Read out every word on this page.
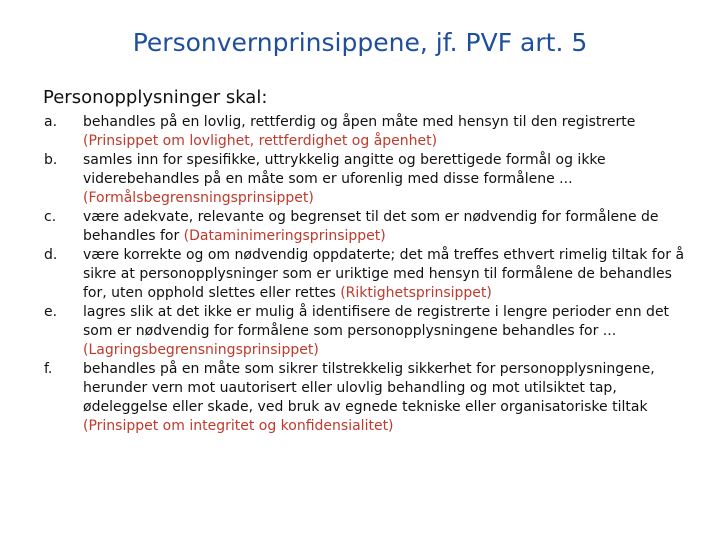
Personvernprinsippene, jf. PVF art. 5
Personopplysninger skal:
a.	behandles på en lovlig, rettferdig og åpen måte med hensyn til den registrerte (Prinsippet om lovlighet, rettferdighet og åpenhet)
b.	samles inn for spesifikke, uttrykkelig angitte og berettigede formål og ikke viderebehandles på en måte som er uforenlig med disse formålene ... (Formålsbegrensningsprinsippet)
c.	være adekvate, relevante og begrenset til det som er nødvendig for formålene de behandles for (Dataminimeringsprinsippet)
d.	være korrekte og om nødvendig oppdaterte; det må treffes ethvert rimelig tiltak for å sikre at personopplysninger som er uriktige med hensyn til formålene de behandles for, uten opphold slettes eller rettes (Riktighetsprinsippet)
e.	lagres slik at det ikke er mulig å identifisere de registrerte i lengre perioder enn det som er nødvendig for formålene som personopplysningene behandles for ... (Lagringsbegrensningsprinsippet)
f.	behandles på en måte som sikrer tilstrekkelig sikkerhet for personopplysningene, herunder vern mot uautorisert eller ulovlig behandling og mot utilsiktet tap, ødeleggelse eller skade, ved bruk av egnede tekniske eller organisatoriske tiltak (Prinsippet om integritet og konfidensialitet)
